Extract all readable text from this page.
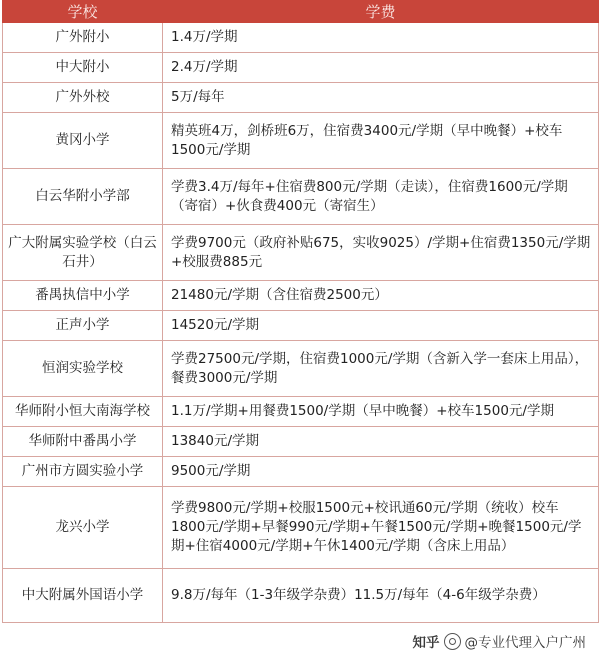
学校	学费
广外附小	1.4万/学期
中大附小	2.4万/学期
广外外校	5万/每年
黄冈小学	精英班4万，剑桥班6万，住宿费3400元/学期（早中晚餐）+校车1500元/学期
白云华附小学部	学费3.4万/每年+住宿费800元/学期（走读），住宿费1600元/学期（寄宿）+伙食费400元（寄宿生）
广大附属实验学校（白云石井）	学费9700元（政府补贴675，实收9025）/学期+住宿费1350元/学期+校服费885元
番禺执信中小学	21480元/学期（含住宿费2500元）
正声小学	14520元/学期
恒润实验学校	学费27500元/学期，住宿费1000元/学期（含新入学一套床上用品），餐费3000元/学期
华师附小恒大南海学校	1.1万/学期+用餐费1500/学期（早中晚餐）+校车1500元/学期
华师附中番禺小学	13840元/学期
广州市方圆实验小学	9500元/学期
龙兴小学	学费9800元/学期+校服1500元+校讯通60元/学期（统收）校车1800元/学期+早餐990元/学期+午餐1500元/学期+晚餐1500元/学期+住宿4000元/学期+午休1400元/学期（含床上用品）
中大附属外国语小学	9.8万/每年（1-3年级学杂费）11.5万/每年（4-6年级学杂费）
知乎 @专业代理入户广州
